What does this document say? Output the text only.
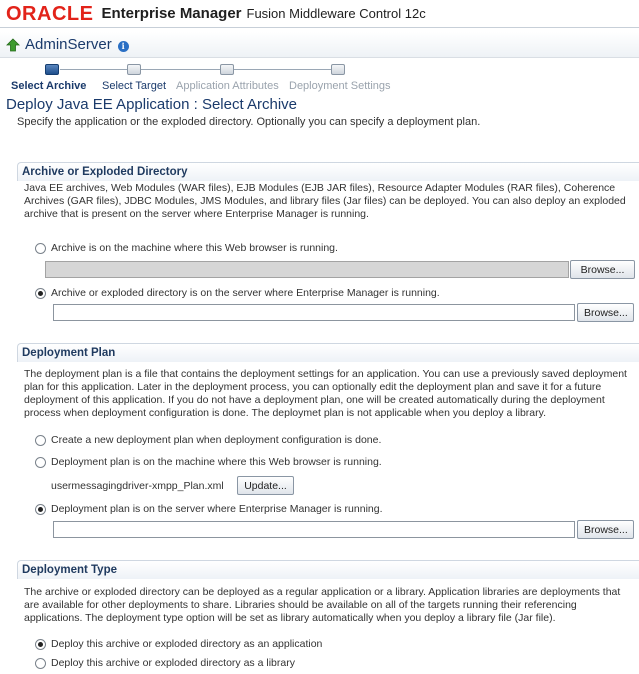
ORACLE Enterprise Manager Fusion Middleware Control 12c
AdminServer	i
Select Archive Select Target Application Attributes Deployment Settings
Deploy Java EE Application : Select Archive
Specify the application or the exploded directory. Optionally you can specify a deployment plan.
Archive or Exploded Directory
Java EE archives, Web Modules (WAR files), EJB Modules (EJB JAR files), Resource Adapter Modules (RAR files), Coherence Archives (GAR files), JDBC Modules, JMS Modules, and library files (Jar files) can be deployed. You can also deploy an exploded archive that is present on the server where Enterprise Manager is running.
Archive is on the machine where this Web browser is running.
Browse...
Archive or exploded directory is on the server where Enterprise Manager is running.
Browse...
Deployment Plan
The deployment plan is a file that contains the deployment settings for an application. You can use a previously saved deployment plan for this application. Later in the deployment process, you can optionally edit the deployment plan and save it for a future deployment of this application. If you do not have a deployment plan, one will be created automatically during the deployment process when deployment configuration is done. The deploymet plan is not applicable when you deploy a library.
Create a new deployment plan when deployment configuration is done.
Deployment plan is on the machine where this Web browser is running.
usermessagingdriver-xmpp_Plan.xml	Update...
Deployment plan is on the server where Enterprise Manager is running.
Browse...
Deployment Type
The archive or exploded directory can be deployed as a regular application or a library. Application libraries are deployments that are available for other deployments to share. Libraries should be available on all of the targets running their referencing applications. The deployment type option will be set as library automatically when you deploy a library file (Jar file).
Deploy this archive or exploded directory as an application
Deploy this archive or exploded directory as a library
